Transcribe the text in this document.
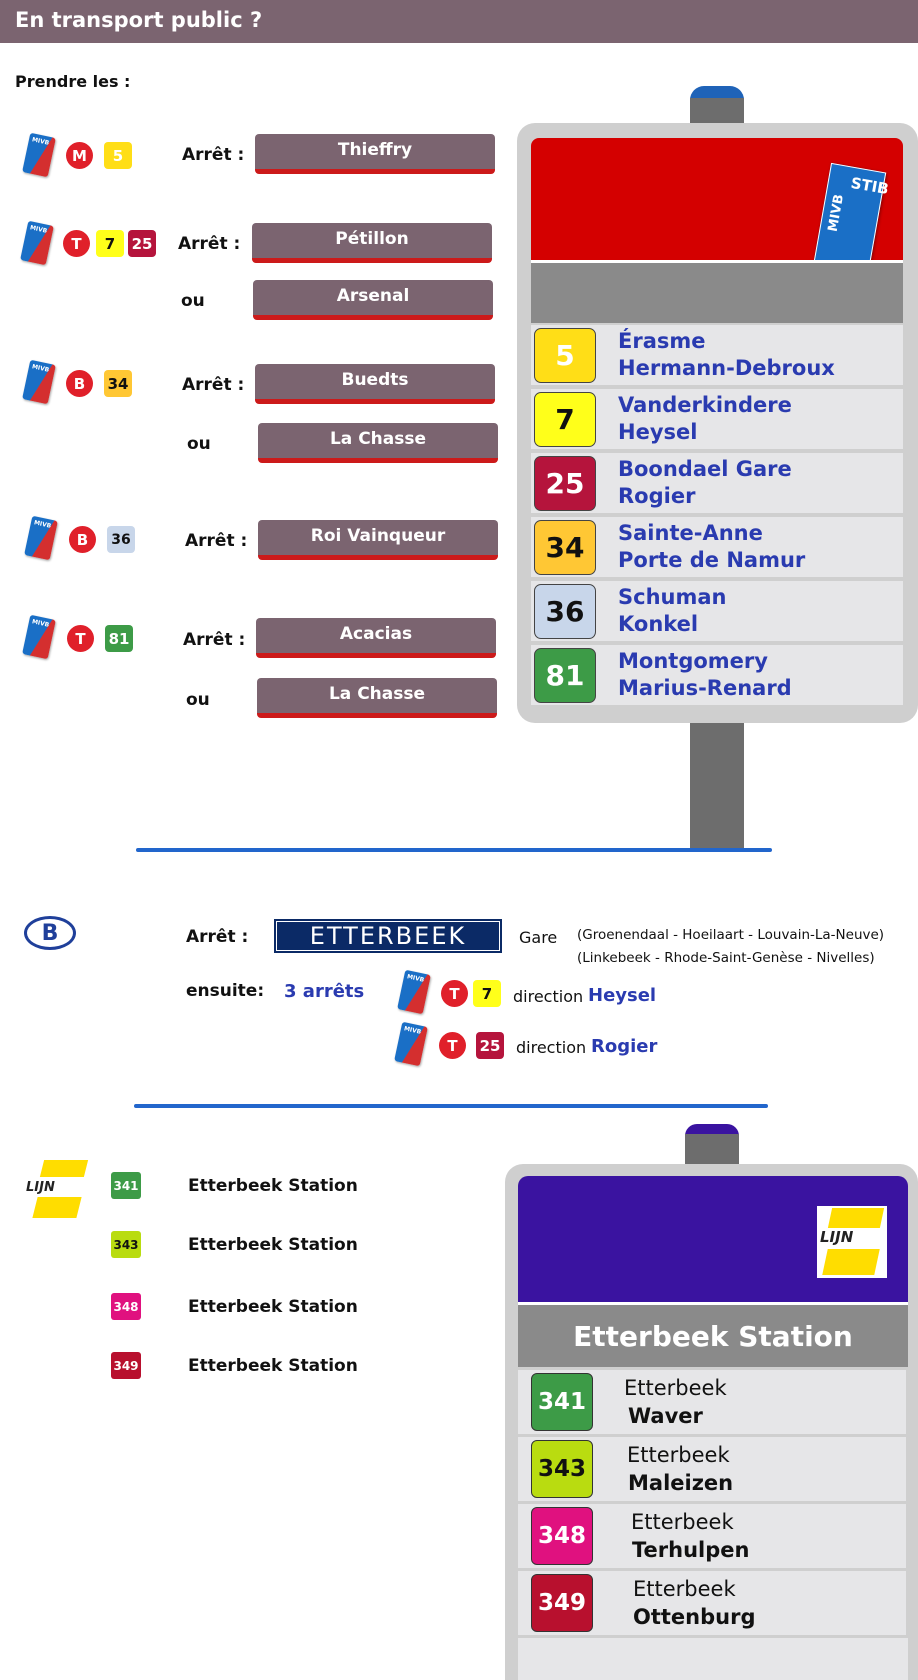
En transport public ?
Prendre les :
MIVB
M	5	Arrêt :	Thieffry
MIVB
T	7	25 Arrêt :	Pétillon
ou	Arsenal
MIVB
B	34	Arrêt :	Buedts
ou	La Chasse
MIVB
B	36	Arrêt :	Roi Vainqueur
MIVB
T	81	Arrêt :	Acacias
ou	La Chasse
STIB
MIVB
5	Érasme
Hermann-Debroux
7	Vanderkindere
Heysel
25	Boondael Gare
Rogier
34	Sainte-Anne
Porte de Namur
36	Schuman
Konkel
81	Montgomery
Marius-Renard
B	Arrêt :	ETTERBEEK	Gare (Groenendaal - Hoeilaart - Louvain-La-Neuve)
(Linkebeek - Rhode-Saint-Genèse - Nivelles)
ensuite: 3 arrêts
MIVB
T	7	direction Heysel
MIVB
T	25 direction Rogier
LIJN	341	Etterbeek Station
343	Etterbeek Station
348	Etterbeek Station
349	Etterbeek Station
LIJN
Etterbeek Station
341
Etterbeek
Waver
343
Etterbeek
Maleizen
348
Etterbeek
Terhulpen
349
Etterbeek
Ottenburg
